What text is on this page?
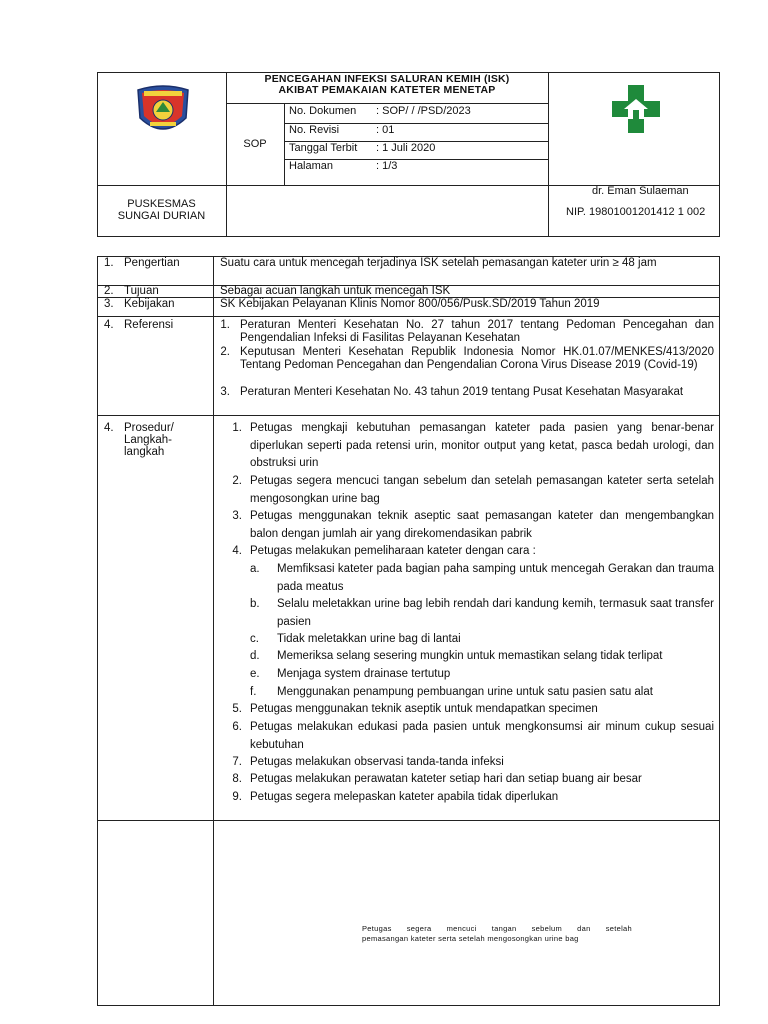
PENCEGAHAN INFEKSI SALURAN KEMIH (ISK)
AKIBAT PEMAKAIAN KATETER MENETAP
SOP
No. Dokumen : SOP/ / /PSD/2023
No. Revisi	: 01
Tanggal Terbit : 1 Juli 2020
Halaman	: 1/3
PUSKESMAS
SUNGAI DURIAN
dr. Eman Sulaeman
NIP. 19801001201412 1 002
1. Pengertian	Suatu cara untuk mencegah terjadinya ISK setelah pemasangan kateter urin ≥ 48 jam
2. Tujuan	Sebagai acuan langkah untuk mencegah ISK
3. Kebijakan	SK Kebijakan Pelayanan Klinis Nomor 800/056/Pusk.SD/2019 Tahun 2019
4. Referensi	1. Peraturan Menteri Kesehatan No. 27 tahun 2017 tentang Pedoman Pencegahan dan Pengendalian Infeksi di Fasilitas Pelayanan Kesehatan
2. Keputusan Menteri Kesehatan Republik Indonesia Nomor HK.01.07/MENKES/413/2020 Tentang Pedoman Pencegahan dan Pengendalian Corona Virus Disease 2019 (Covid-19)
3. Peraturan Menteri Kesehatan No. 43 tahun 2019 tentang Pusat Kesehatan Masyarakat
4. Prosedur/
Langkah-
langkah
1. Petugas mengkaji kebutuhan pemasangan kateter pada pasien yang benar-benar diperlukan seperti pada retensi urin, monitor output yang ketat, pasca bedah urologi, dan obstruksi urin
2. Petugas segera mencuci tangan sebelum dan setelah pemasangan kateter serta setelah mengosongkan urine bag
3. Petugas menggunakan teknik aseptic saat pemasangan kateter dan mengembangkan balon dengan jumlah air yang direkomendasikan pabrik
4. Petugas melakukan pemeliharaan kateter dengan cara :
a.	Memfiksasi kateter pada bagian paha samping untuk mencegah Gerakan dan trauma pada meatus
b.	Selalu meletakkan urine bag lebih rendah dari kandung kemih, termasuk saat transfer pasien
c.	Tidak meletakkan urine bag di lantai
d.	Memeriksa selang sesering mungkin untuk memastikan selang tidak terlipat
e.	Menjaga system drainase tertutup
f.	Menggunakan penampung pembuangan urine untuk satu pasien satu alat
5. Petugas menggunakan teknik aseptik untuk mendapatkan specimen
6. Petugas melakukan edukasi pada pasien untuk mengkonsumsi air minum cukup sesuai kebutuhan
7. Petugas melakukan observasi tanda-tanda infeksi
8. Petugas melakukan perawatan kateter setiap hari dan setiap buang air besar
9. Petugas segera melepaskan kateter apabila tidak diperlukan
Petugas segera mencuci tangan sebelum dan setelah
pemasangan kateter serta setelah mengosongkan urine bag
